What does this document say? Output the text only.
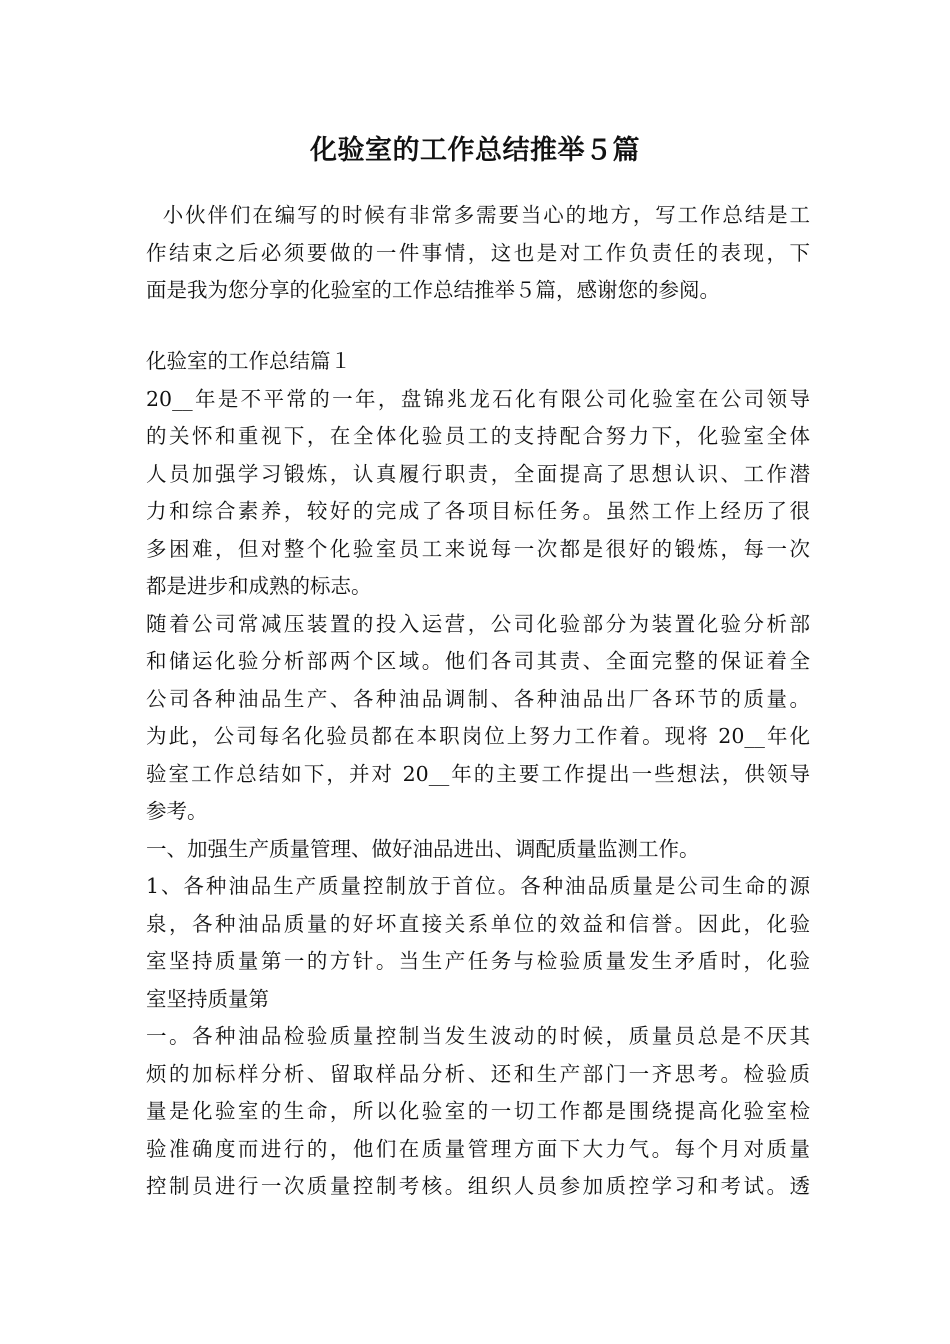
化验室的工作总结推举５篇
小伙伴们在编写的时候有非常多需要当心的地方，写工作总结是工
作结束之后必须要做的一件事情，这也是对工作负责任的表现，下
面是我为您分享的化验室的工作总结推举５篇，感谢您的参阅。
化验室的工作总结篇１
20__年是不平常的一年，盘锦兆龙石化有限公司化验室在公司领导
的关怀和重视下，在全体化验员工的支持配合努力下，化验室全体
人员加强学习锻炼，认真履行职责，全面提高了思想认识、工作潜
力和综合素养，较好的完成了各项目标任务。虽然工作上经历了很
多困难，但对整个化验室员工来说每一次都是很好的锻炼，每一次
都是进步和成熟的标志。
随着公司常减压装置的投入运营，公司化验部分为装置化验分析部
和储运化验分析部两个区域。他们各司其责、全面完整的保证着全
公司各种油品生产、各种油品调制、各种油品出厂各环节的质量。
为此，公司每名化验员都在本职岗位上努力工作着。现将 20__年化
验室工作总结如下，并对 20__年的主要工作提出一些想法，供领导
参考。
一、加强生产质量管理、做好油品进出、调配质量监测工作。
1、各种油品生产质量控制放于首位。各种油品质量是公司生命的源
泉，各种油品质量的好坏直接关系单位的效益和信誉。因此，化验
室坚持质量第一的方针。当生产任务与检验质量发生矛盾时，化验
室坚持质量第
一。各种油品检验质量控制当发生波动的时候，质量员总是不厌其
烦的加标样分析、留取样品分析、还和生产部门一齐思考。检验质
量是化验室的生命，所以化验室的一切工作都是围绕提高化验室检
验准确度而进行的，他们在质量管理方面下大力气。每个月对质量
控制员进行一次质量控制考核。组织人员参加质控学习和考试。透
